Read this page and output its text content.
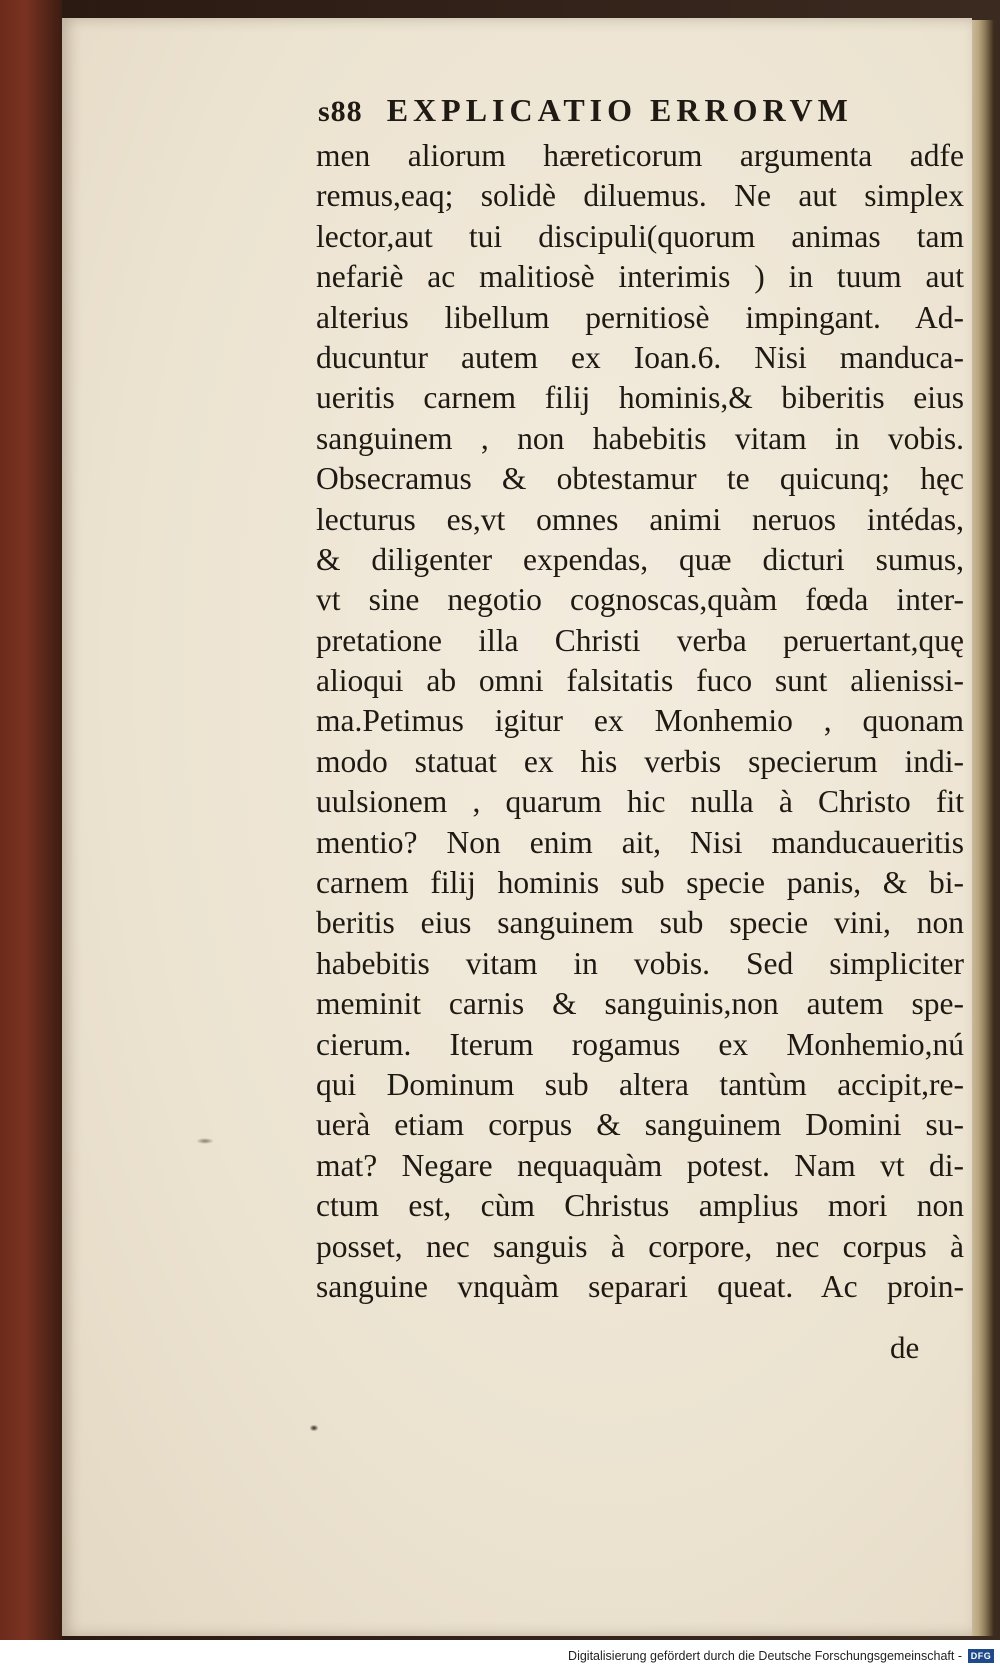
s88 EXPLICATIO ERRORVM
men aliorum hæreticorum argumenta adfe
remus,eaq; solidè diluemus. Ne aut simplex
lector,aut tui discipuli(quorum animas tam
nefariè ac malitiosè interimis ) in tuum aut
alterius libellum pernitiosè impingant. Ad-
ducuntur autem ex Ioan.6. Nisi manduca-
ueritis carnem filij hominis,& biberitis eius
sanguinem , non habebitis vitam in vobis.
Obsecramus & obtestamur te quicunq; hęc
lecturus es,vt omnes animi neruos intédas,
& diligenter expendas, quæ dicturi sumus,
vt sine negotio cognoscas,quàm fœda inter-
pretatione illa Christi verba peruertant,quę
alioqui ab omni falsitatis fuco sunt alienissi-
ma.Petimus igitur ex Monhemio , quonam
modo statuat ex his verbis specierum indi-
uulsionem , quarum hic nulla à Christo fit
mentio? Non enim ait, Nisi manducaueritis
carnem filij hominis sub specie panis, & bi-
beritis eius sanguinem sub specie vini, non
habebitis vitam in vobis. Sed simpliciter
meminit carnis & sanguinis,non autem spe-
cierum. Iterum rogamus ex Monhemio,nú
qui Dominum sub altera tantùm accipit,re-
uerà etiam corpus & sanguinem Domini su-
mat? Negare nequaquàm potest. Nam vt di-
ctum est, cùm Christus amplius mori non
posset, nec sanguis à corpore, nec corpus à
sanguine vnquàm separari queat. Ac proin-
de
Digitalisierung gefördert durch die Deutsche Forschungsgemeinschaft - DFG
